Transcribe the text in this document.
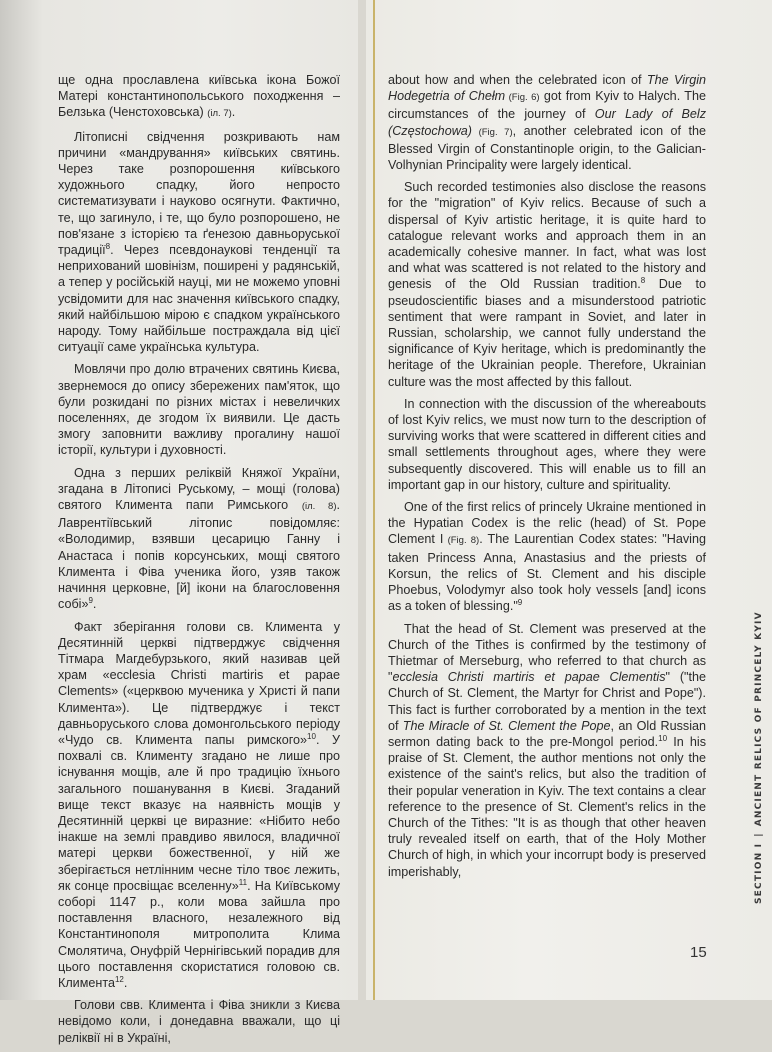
ще одна прославлена київська ікона Божої Матері константинопольського походження – Белзька (Ченстоховська) (іл. 7).

Літописні свідчення розкривають нам причини «мандрування» київських святинь. Через таке розпорошення київського художнього спадку, його непросто систематизувати і науково осягнути. Фактично, те, що загинуло, і те, що було розпорошено, не пов'язане з історією та ґенезою давньоруської традиції$^8$. Через псевдонаукові тенденції та неприхований шовінізм, поширені у радянській, а тепер у російській науці, ми не можемо уповні усвідомити для нас значення київського спадку, який найбільшою мірою є спадком українського народу. Тому найбільше постраждала від цієї ситуації саме українська культура.

Мовлячи про долю втрачених святинь Києва, звернемося до опису збережених пам'яток, що були розкидані по різних містах і невеличких поселеннях, де згодом їх виявили. Це дасть змогу заповнити важливу прогалину нашої історії, культури і духовності.

Одна з перших релiквій Княжої України, згадана в Літописі Руському, – мощі (голова) святого Климента папи Римського (іл. 8). Лаврентіївський літопис повідомляє: «Володимир, взявши цесарицю Ганну і Анастаса і попів корсунських, мощі святого Климента і Фіва ученика його, узяв також начиння церковне, [й] ікони на благословення собі»$^9$.

Факт зберігання голови св. Климента у Десятинній церкві підтверджує свідчення Тітмара Магдебурзького, який називав цей храм «ecclesia Christi martiris et papae Clements» («церквою мученика у Христі й папи Климента»). Це підтверджує і текст давньоруського слова домонгольського періоду «Чудо св. Климента папы римского»$^{10}$. У похвалі св. Клименту згадано не лише про існування мощів, але й про традицію їхнього загального пошанування в Києві. Згаданий вище текст вказує на наявність мощів у Десятинній церкві це виразние: «Нібито небо інакше на землі правдиво явилося, владичної матері церкви божественної, у ній же зберігається нетлінним чесне тіло твоє лежить, як сонце просвіщає вселенну»$^{11}$. На Київському соборі 1147 р., коли мова зайшла про поставлення власного, незалежного від Константинополя митрополита Клима Смолятича, Онуфрій Чернігівський порадив для цього поставлення скористатися головою св. Климента$^{12}$.

Голови свв. Климента і Фіва зникли з Києва невідомо коли, і донедавна вважали, що ці реліквії ні в Україні,

about how and when the celebrated icon of The Virgin Hodegetria of Chełm (Fig. 6) got from Kyiv to Halych. The circumstances of the journey of Our Lady of Belz (Częstochowa) (Fig. 7), another celebrated icon of the Blessed Virgin of Constantinople origin, to the Galician-Volhynian Principality were largely identical.

Such recorded testimonies also disclose the reasons for the "migration" of Kyiv relics. Because of such a dispersal of Kyiv artistic heritage, it is quite hard to catalogue relevant works and approach them in an academically cohesive manner. In fact, what was lost and what was scattered is not related to the history and genesis of the Old Russian tradition.$^8$ Due to pseudoscientific biases and a misunderstood patriotic sentiment that were rampant in Soviet, and later in Russian, scholarship, we cannot fully understand the significance of Kyiv heritage, which is predominantly the heritage of the Ukrainian people. Therefore, Ukrainian culture was the most affected by this fallout.

In connection with the discussion of the whereabouts of lost Kyiv relics, we must now turn to the description of surviving works that were scattered in different cities and small settlements throughout ages, where they were subsequently discovered. This will enable us to fill an important gap in our history, culture and spirituality.

One of the first relics of princely Ukraine mentioned in the Hypatian Codex is the relic (head) of St. Pope Clement I (Fig. 8). The Laurentian Codex states: "Having taken Princess Anna, Anastasius and the priests of Korsun, the relics of St. Clement and his disciple Phoebus, Volodymyr also took holy vessels [and] icons as a token of blessing."$^9$

That the head of St. Clement was preserved at the Church of the Tithes is confirmed by the testimony of Thietmar of Merseburg, who referred to that church as "ecclesia Christi martiris et papae Clementis" ("the Church of St. Clement, the Martyr for Christ and Pope"). This fact is further corroborated by a mention in the text of The Miracle of St. Clement the Pope, an Old Russian sermon dating back to the pre-Mongol period.$^{10}$ In his praise of St. Clement, the author mentions not only the existence of the saint's relics, but also the tradition of their popular veneration in Kyiv. The text contains a clear reference to the presence of St. Clement's relics in the Church of the Tithes: "It is as though that other heaven truly revealed itself on earth, that of the Holy Mother Church of high, in which your incorrupt body is preserved imperishably,	SECTION I|ANCIENT RELICS OF PRINCELY KYIV
15
